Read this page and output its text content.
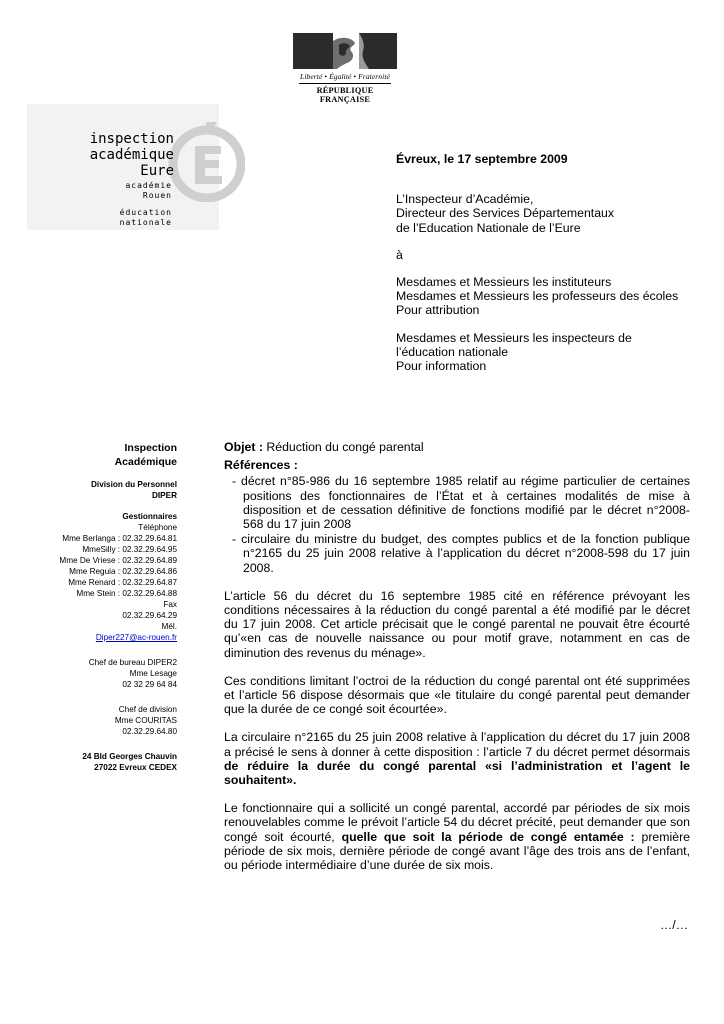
Liberté • Égalité • Fraternité
RÉPUBLIQUE FRANÇAISE
inspection académique
Eure
académie
Rouen
éducation
nationale
Évreux, le 17 septembre 2009

L’Inspecteur d’Académie,
Directeur des Services Départementaux
de l’Education Nationale de l’Eure

à

Mesdames et Messieurs les instituteurs
Mesdames et Messieurs les professeurs des écoles
Pour attribution

Mesdames et Messieurs les inspecteurs de
l’éducation nationale
Pour information

Inspection
Académique
Division du Personnel
DIPER
Gestionnaires
Téléphone
Mme Berlanga : 02.32.29.64.81
MmeSilly : 02.32.29.64.95
Mme De Vriese : 02.32.29.64.89
Mme Reguia : 02.32.29.64.86
Mme Renard : 02.32.29.64.87
Mme Stein : 02.32.29.64.88
Fax
02.32.29.64.29
Mél.
Diper227@ac-rouen.fr
Chef de bureau DIPER2
Mme Lesage
02 32 29 64 84
Chef de division
Mme COURITAS
02.32.29.64.80
24 Bld Georges Chauvin
27022 Evreux CEDEX
Objet : Réduction du congé parental
Références :
- décret n°85-986 du 16 septembre 1985 relatif au régime particulier de certaines positions des fonctionnaires de l’État et à certaines modalités de mise à disposition et de cessation définitive de fonctions modifié par le décret n°2008-568 du 17 juin 2008
- circulaire du ministre du budget, des comptes publics et de la fonction publique n°2165 du 25 juin 2008 relative à l’application du décret n°2008-598 du 17 juin 2008.

L’article 56 du décret du 16 septembre 1985 cité en référence prévoyant les conditions nécessaires à la réduction du congé parental a été modifié par le décret du 17 juin 2008. Cet article précisait que le congé parental ne pouvait être écourté qu’«en cas de nouvelle naissance ou pour motif grave, notamment en cas de diminution des revenus du ménage».

Ces conditions limitant l’octroi de la réduction du congé parental ont été supprimées et l’article 56 dispose désormais que «le titulaire du congé parental peut demander que la durée de ce congé soit écourtée».

La circulaire n°2165 du 25 juin 2008 relative à l’application du décret du 17 juin 2008 a précisé le sens à donner à cette disposition : l’article 7 du décret permet désormais de réduire la durée du congé parental «si l’administration et l’agent le souhaitent».

Le fonctionnaire qui a sollicité un congé parental, accordé par périodes de six mois renouvelables comme le prévoit l’article 54 du décret précité, peut demander que son congé soit écourté, quelle que soit la période de congé entamée : première période de six mois, dernière période de congé avant l’âge des trois ans de l’enfant, ou période intermédiaire d’une durée de six mois.

…/…
